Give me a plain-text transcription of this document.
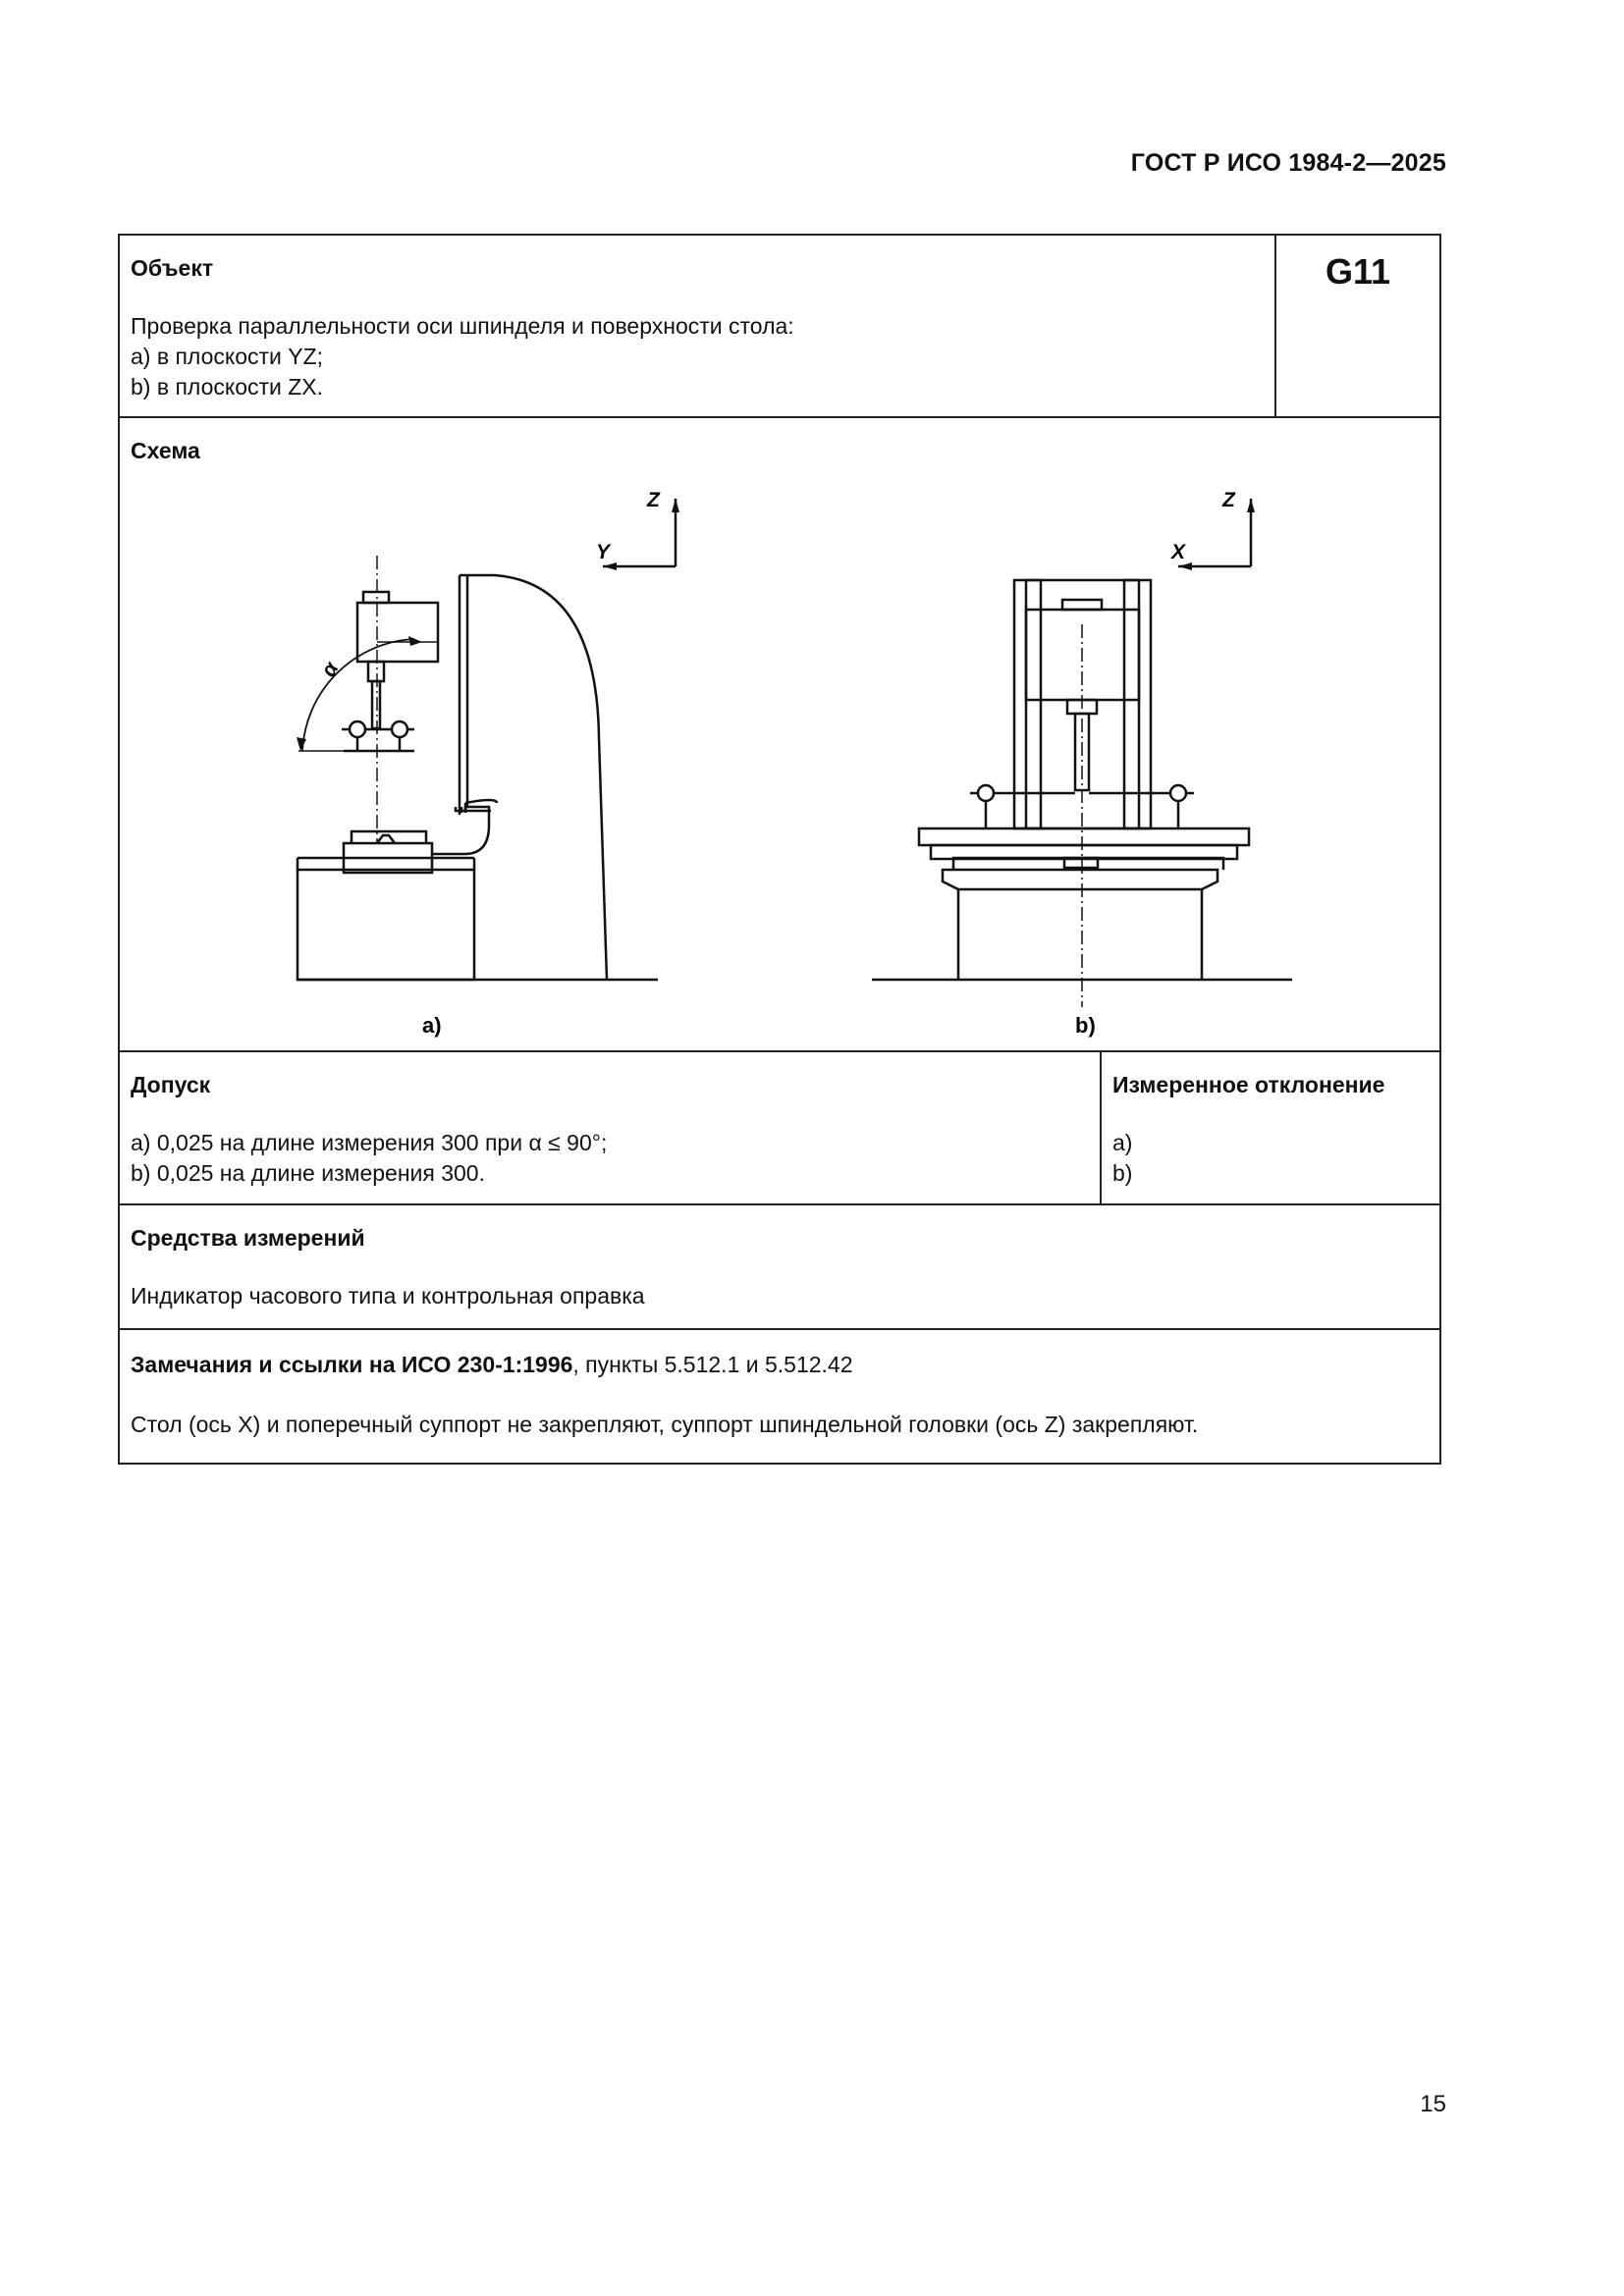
ГОСТ Р ИСО 1984-2—2025
Объект
Проверка параллельности оси шпинделя и поверхности стола:
a) в плоскости YZ;
b) в плоскости ZX.
G11
Схема
Z
Y
Z
X
α
a)	b)
Допуск
a) 0,025 на длине измерения 300 при α ≤ 90°;
b) 0,025 на длине измерения 300.
Измеренное отклонение
a)
b)
Средства измерений
Индикатор часового типа и контрольная оправка
Замечания и ссылки на ИСО 230-1:1996, пункты 5.512.1 и 5.512.42
Стол (ось X) и поперечный суппорт не закрепляют, суппорт шпиндельной головки (ось Z) закрепляют.
15
